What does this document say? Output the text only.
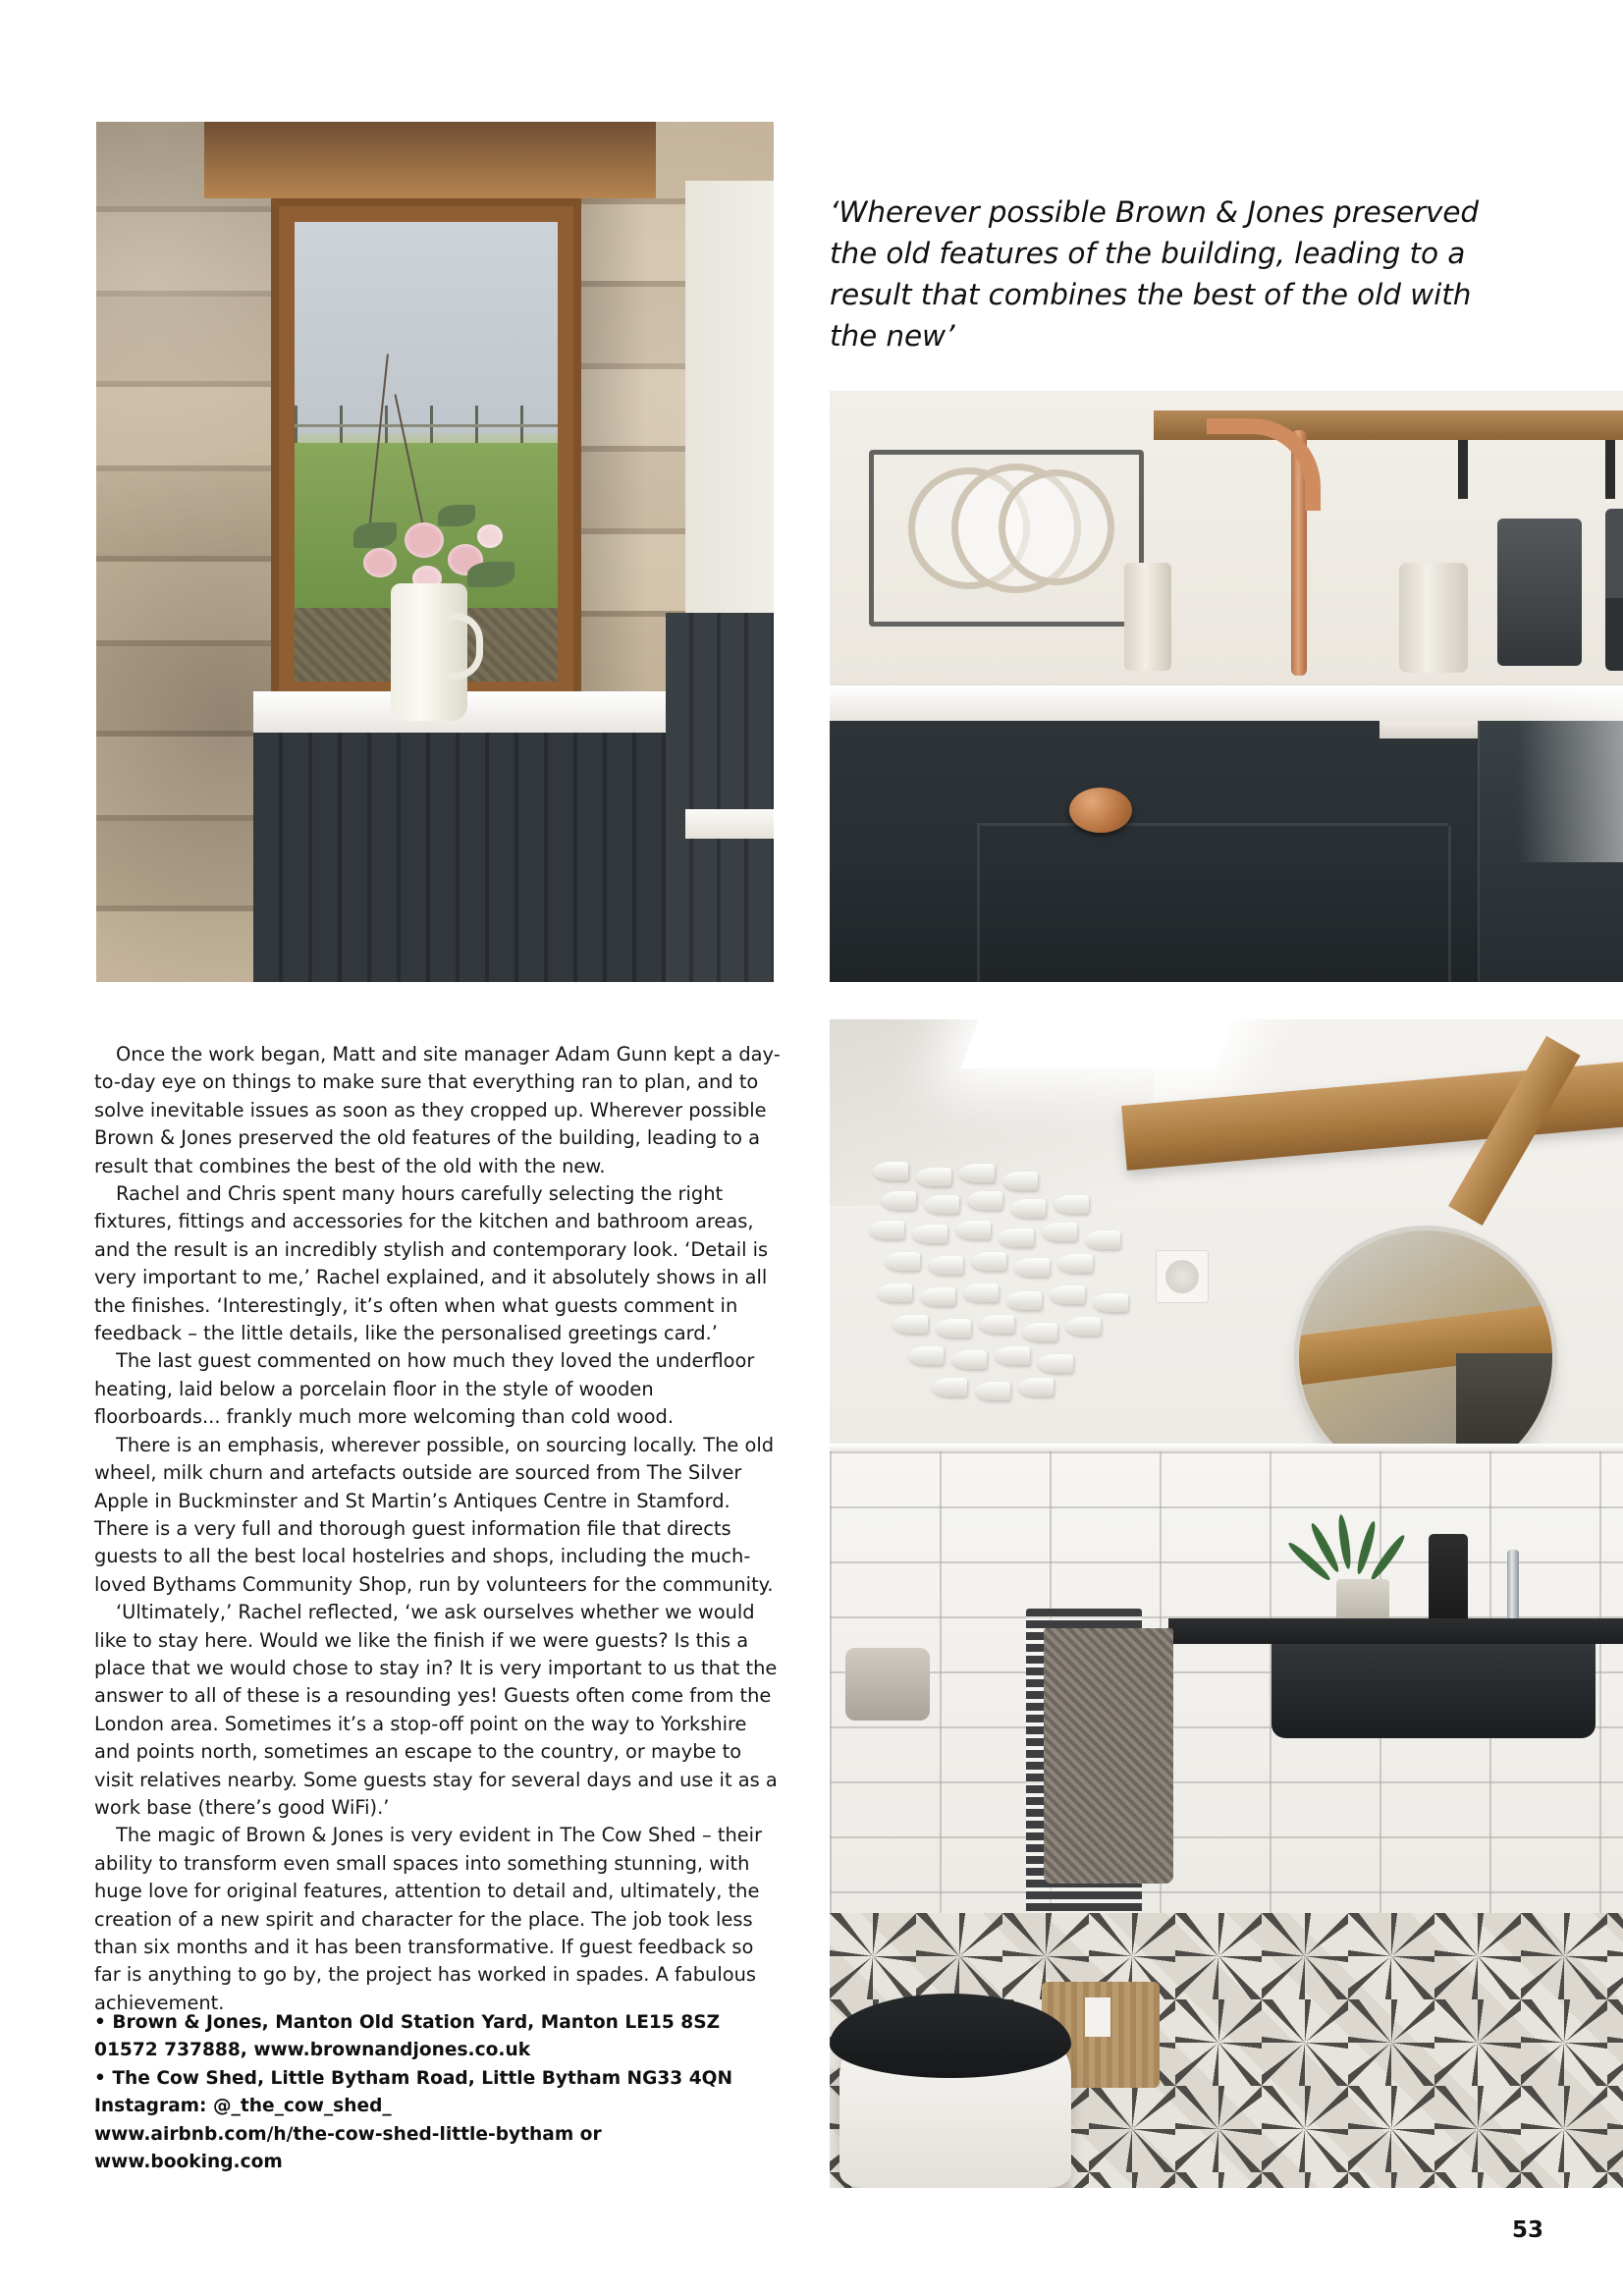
‘Wherever possible Brown & Jones preserved the old features of the building, leading to a result that combines the best of the old with the new’

Once the work began, Matt and site manager Adam Gunn kept a day-to-day eye on things to make sure that everything ran to plan, and to solve inevitable issues as soon as they cropped up. Wherever possible Brown & Jones preserved the old features of the building, leading to a result that combines the best of the old with the new.

Rachel and Chris spent many hours carefully selecting the right fixtures, fittings and accessories for the kitchen and bathroom areas, and the result is an incredibly stylish and contemporary look. ‘Detail is very important to me,’ Rachel explained, and it absolutely shows in all the finishes. ‘Interestingly, it’s often when what guests comment in feedback – the little details, like the personalised greetings card.’

The last guest commented on how much they loved the underfloor heating, laid below a porcelain floor in the style of wooden floorboards... frankly much more welcoming than cold wood.

There is an emphasis, wherever possible, on sourcing locally. The old wheel, milk churn and artefacts outside are sourced from The Silver Apple in Buckminster and St Martin’s Antiques Centre in Stamford. There is a very full and thorough guest information file that directs guests to all the best local hostelries and shops, including the much-loved Bythams Community Shop, run by volunteers for the community.

‘Ultimately,’ Rachel reflected, ‘we ask ourselves whether we would like to stay here. Would we like the finish if we were guests? Is this a place that we would chose to stay in? It is very important to us that the answer to all of these is a resounding yes! Guests often come from the London area. Sometimes it’s a stop-off point on the way to Yorkshire and points north, sometimes an escape to the country, or maybe to visit relatives nearby. Some guests stay for several days and use it as a work base (there’s good WiFi).’

The magic of Brown & Jones is very evident in The Cow Shed – their ability to transform even small spaces into something stunning, with huge love for original features, attention to detail and, ultimately, the creation of a new spirit and character for the place. The job took less than six months and it has been transformative. If guest feedback so far is anything to go by, the project has worked in spades. A fabulous achievement.

• Brown & Jones, Manton Old Station Yard, Manton LE15 8SZ
01572 737888, www.brownandjones.co.uk
• The Cow Shed, Little Bytham Road, Little Bytham NG33 4QN
Instagram: @_the_cow_shed_
www.airbnb.com/h/the-cow-shed-little-bytham or www.booking.com
53
